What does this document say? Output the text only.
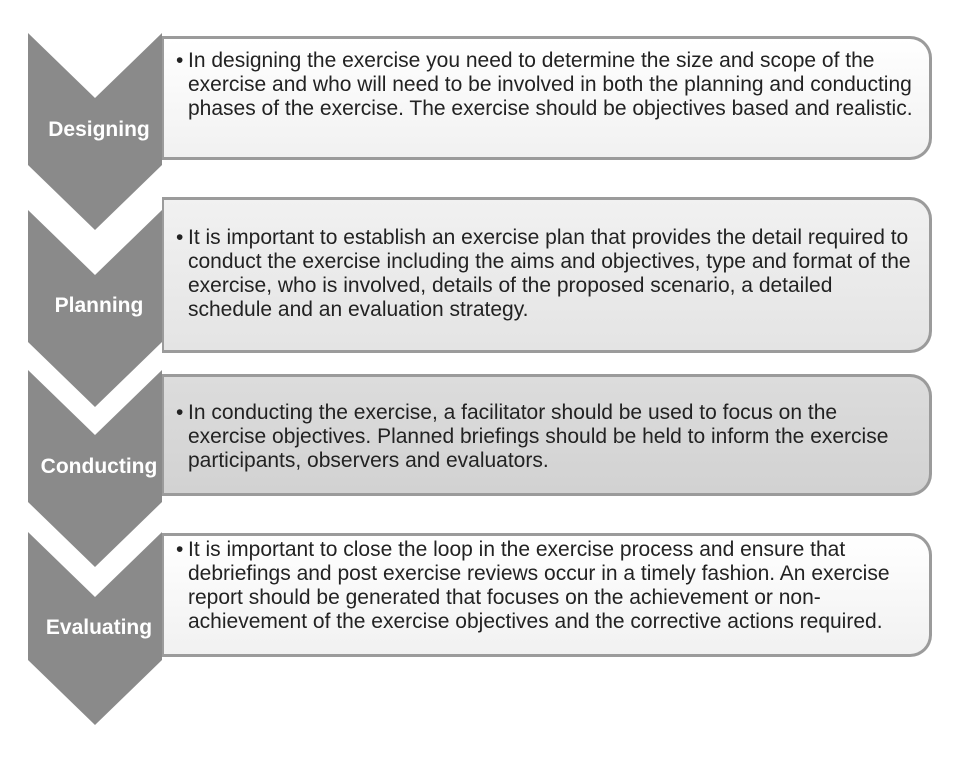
Designing
Planning
Conducting
Evaluating
• In designing the exercise you need to determine the size and scope of the exercise and who will need to be involved in both the planning and conducting phases of the exercise. The exercise should be objectives based and realistic.
• It is important to establish an exercise plan that provides the detail required to conduct the exercise including the aims and objectives, type and format of the exercise, who is involved, details of the proposed scenario, a detailed schedule and an evaluation strategy.
• In conducting the exercise, a facilitator should be used to focus on the exercise objectives. Planned briefings should be held to inform the exercise participants, observers and evaluators.
• It is important to close the loop in the exercise process and ensure that debriefings and post exercise reviews occur in a timely fashion. An exercise report should be generated that focuses on the achievement or non-achievement of the exercise objectives and the corrective actions required.
